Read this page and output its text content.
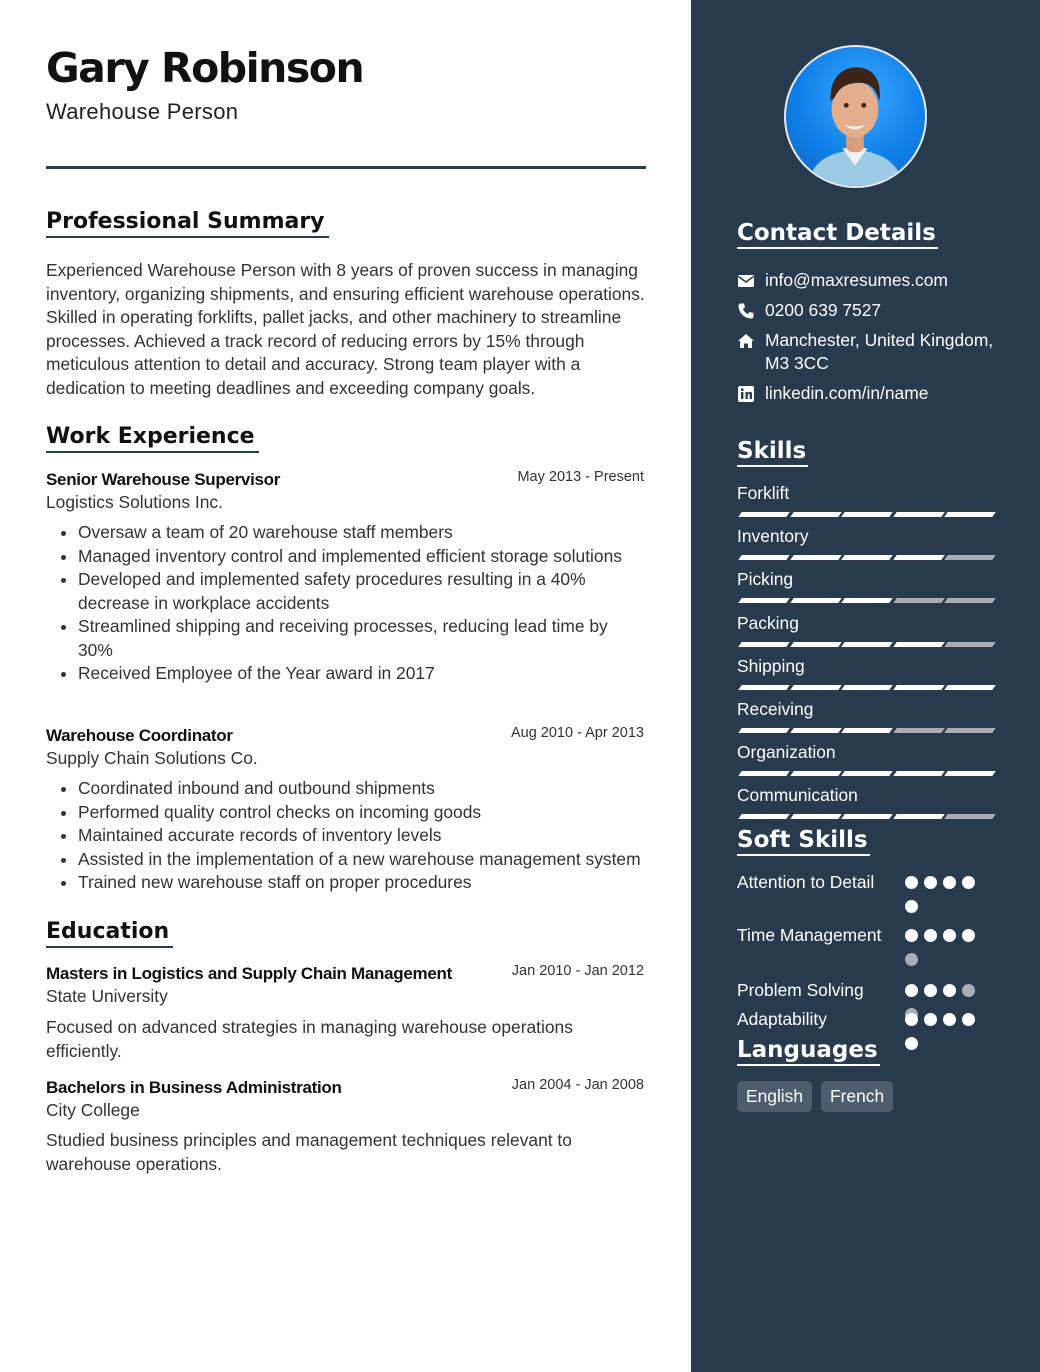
Gary Robinson
Warehouse Person
Professional Summary
Experienced Warehouse Person with 8 years of proven success in managing inventory, organizing shipments, and ensuring efficient warehouse operations. Skilled in operating forklifts, pallet jacks, and other machinery to streamline processes. Achieved a track record of reducing errors by 15% through meticulous attention to detail and accuracy. Strong team player with a dedication to meeting deadlines and exceeding company goals.
Work Experience
Senior Warehouse Supervisor	May 2013 - Present
Logistics Solutions Inc.
Oversaw a team of 20 warehouse staff members
Managed inventory control and implemented efficient storage solutions
Developed and implemented safety procedures resulting in a 40% decrease in workplace accidents
Streamlined shipping and receiving processes, reducing lead time by 30%
Received Employee of the Year award in 2017
Warehouse Coordinator	Aug 2010 - Apr 2013
Supply Chain Solutions Co.
Coordinated inbound and outbound shipments
Performed quality control checks on incoming goods
Maintained accurate records of inventory levels
Assisted in the implementation of a new warehouse management system
Trained new warehouse staff on proper procedures
Education
Masters in Logistics and Supply Chain Management	Jan 2010 - Jan 2012
State University
Focused on advanced strategies in managing warehouse operations efficiently.
Bachelors in Business Administration	Jan 2004 - Jan 2008
City College
Studied business principles and management techniques relevant to warehouse operations.
Contact Details
info@maxresumes.com
0200 639 7527
Manchester, United Kingdom, M3 3CC
linkedin.com/in/name
Skills
Forklift
Inventory
Picking
Packing
Shipping
Receiving
Organization
Communication
Soft Skills
Attention to Detail
Time Management
Problem Solving
Adaptability
Languages
English	French
